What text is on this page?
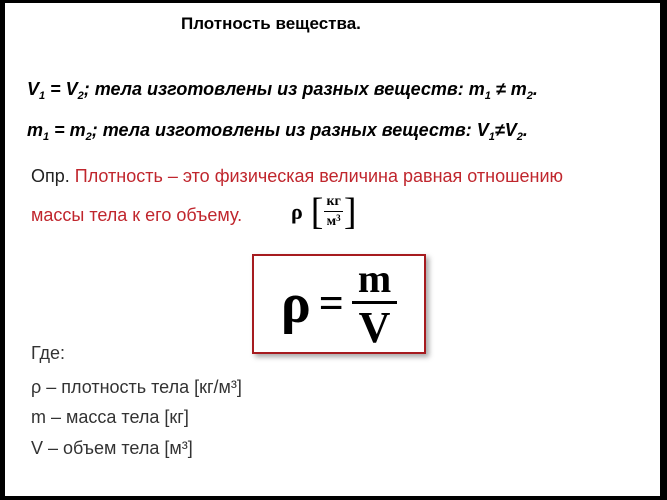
Плотность вещества.
$V_1 = V_2$; тела изготовлены из разных веществ: $m_1 \ne m_2$.
$m_1 = m_2$; тела изготовлены из разных веществ: $V_1\ne V_2$.
Опр. Плотность – это физическая величина равная отношению
массы тела к его объему. ρ [ $\frac{кг}{м^3}$ ]
$\rho = \frac{m}{V}$
Где:
ρ – плотность тела [кг/м³]
m – масса тела [кг]
V – объем тела [м³]
